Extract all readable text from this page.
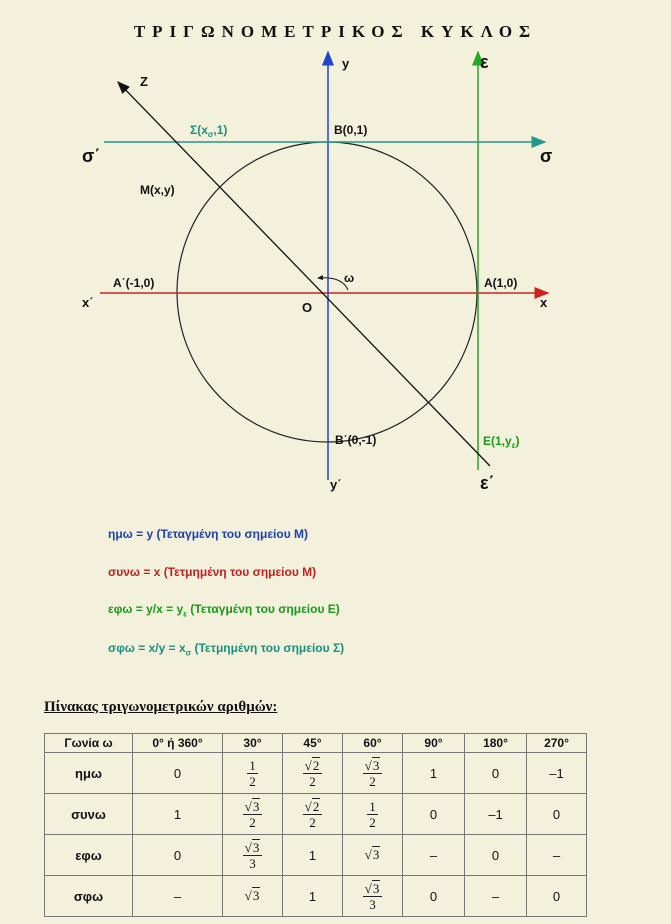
ΤΡΙΓΩΝΟΜΕΤΡΙΚΟΣ ΚΥΚΛΟΣ
y
y΄
x
x΄
ε
ε΄
σ
σ΄
Z
O
ω
B(0,1)
B΄(0,-1)
A(1,0)
A΄(-1,0)
M(x,y)
$\Sigma(x_\sigma,1)$
$E(1,y_\varepsilon)$
ημω = y (Τεταγμένη του σημείου M)
συνω = x (Τετμημένη του σημείου M)
$\varepsilon\varphi\omega = y/x = y_\varepsilon$ (Τεταγμένη του σημείου E)
$\sigma\varphi\omega = x/y = x_\sigma$ (Τετμημένη του σημείου Σ)
Πίνακας τριγωνομετρικών αριθμών:
Γωνία ω	0° ή 360°	30°	45°	60°	90°	180°	270°
ημω	0	$\frac{1}{2}$	$\frac{√2}{2}$	$\frac{√3}{2}$	1	0	–1
συνω	1	$\frac{√3}{2}$	$\frac{√2}{2}$	$\frac{1}{2}$	0	–1	0
εφω	0	$\frac{√3}{3}$	1	√3	–	0	–
σφω	–	√3	1	$\frac{√3}{3}$	0	–	0
